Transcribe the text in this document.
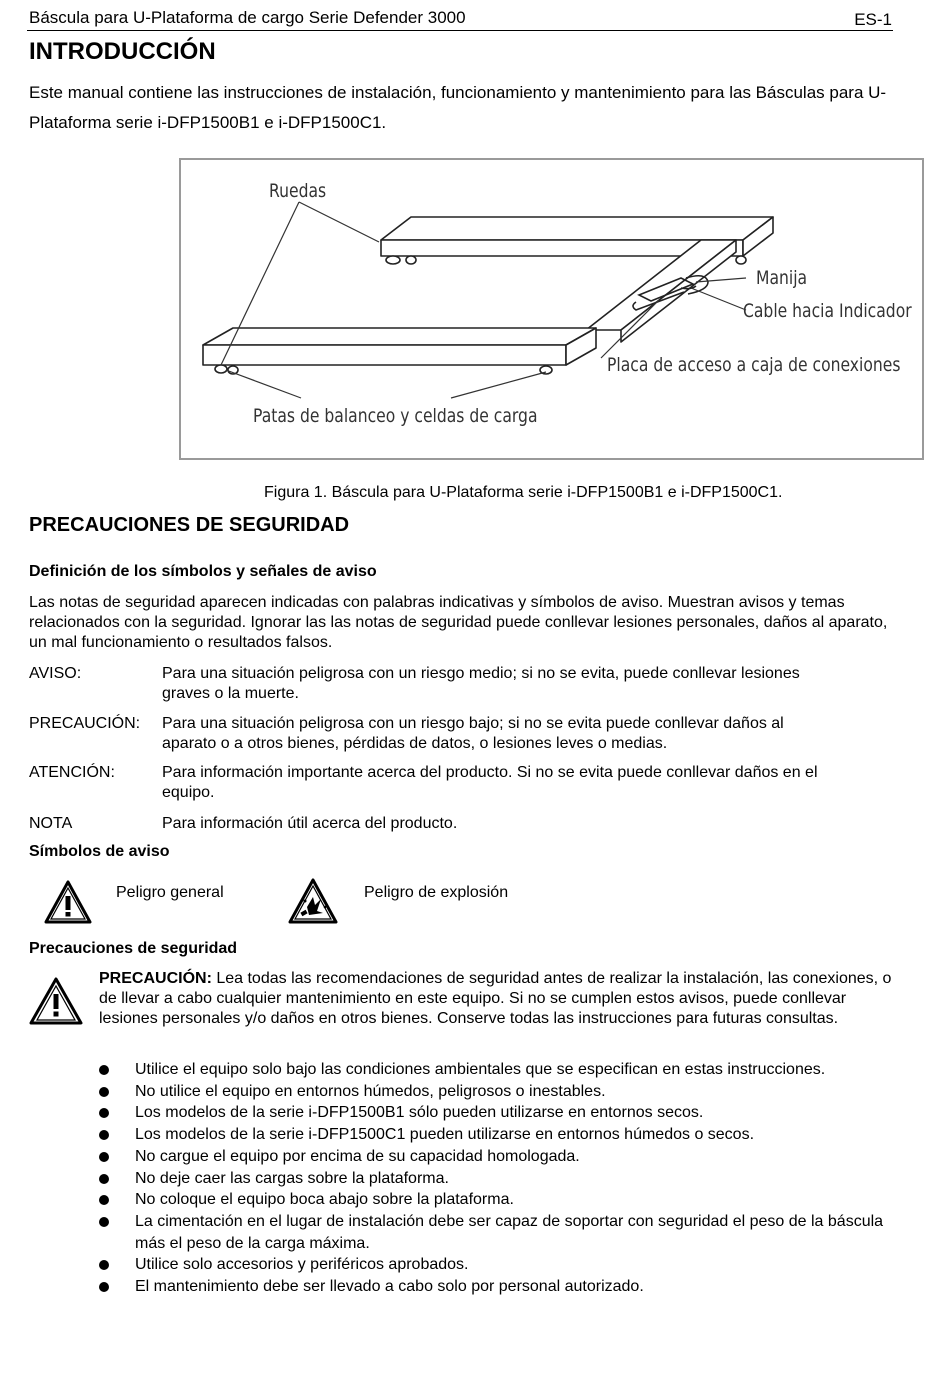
Báscula para U-Plataforma de cargo Serie Defender 3000	ES-1
INTRODUCCIÓN
Este manual contiene las instrucciones de instalación, funcionamiento y mantenimiento para las Básculas para U-Plataforma serie i-DFP1500B1 e i-DFP1500C1.
Ruedas
Manija
Cable hacia Indicador
Placa de acceso a caja de conexiones
Patas de balanceo y celdas de carga
Figura 1. Báscula para U-Plataforma serie i-DFP1500B1 e i-DFP1500C1.
PRECAUCIONES DE SEGURIDAD
Definición de los símbolos y señales de aviso
Las notas de seguridad aparecen indicadas con palabras indicativas y símbolos de aviso. Muestran avisos y temas relacionados con la seguridad. Ignorar las las notas de seguridad puede conllevar lesiones personales, daños al aparato, un mal funcionamiento o resultados falsos.
AVISO:	Para una situación peligrosa con un riesgo medio; si no se evita, puede conllevar lesiones graves o la muerte.
PRECAUCIÓN: Para una situación peligrosa con un riesgo bajo; si no se evita puede conllevar daños al aparato o a otros bienes, pérdidas de datos, o lesiones leves o medias.
ATENCIÓN:	Para información importante acerca del producto. Si no se evita puede conllevar daños en el equipo.
NOTA	Para información útil acerca del producto.
Símbolos de aviso
Peligro general	Peligro de explosión
Precauciones de seguridad
PRECAUCIÓN: Lea todas las recomendaciones de seguridad antes de realizar la instalación, las conexiones, o de llevar a cabo cualquier mantenimiento en este equipo. Si no se cumplen estos avisos, puede conllevar lesiones personales y/o daños en otros bienes. Conserve todas las instrucciones para futuras consultas.
Utilice el equipo solo bajo las condiciones ambientales que se especifican en estas instrucciones.
No utilice el equipo en entornos húmedos, peligrosos o inestables.
Los modelos de la serie i-DFP1500B1 sólo pueden utilizarse en entornos secos.
Los modelos de la serie i-DFP1500C1 pueden utilizarse en entornos húmedos o secos.
No cargue el equipo por encima de su capacidad homologada.
No deje caer las cargas sobre la plataforma.
No coloque el equipo boca abajo sobre la plataforma.
La cimentación en el lugar de instalación debe ser capaz de soportar con seguridad el peso de la báscula más el peso de la carga máxima.
Utilice solo accesorios y periféricos aprobados.
El mantenimiento debe ser llevado a cabo solo por personal autorizado.
